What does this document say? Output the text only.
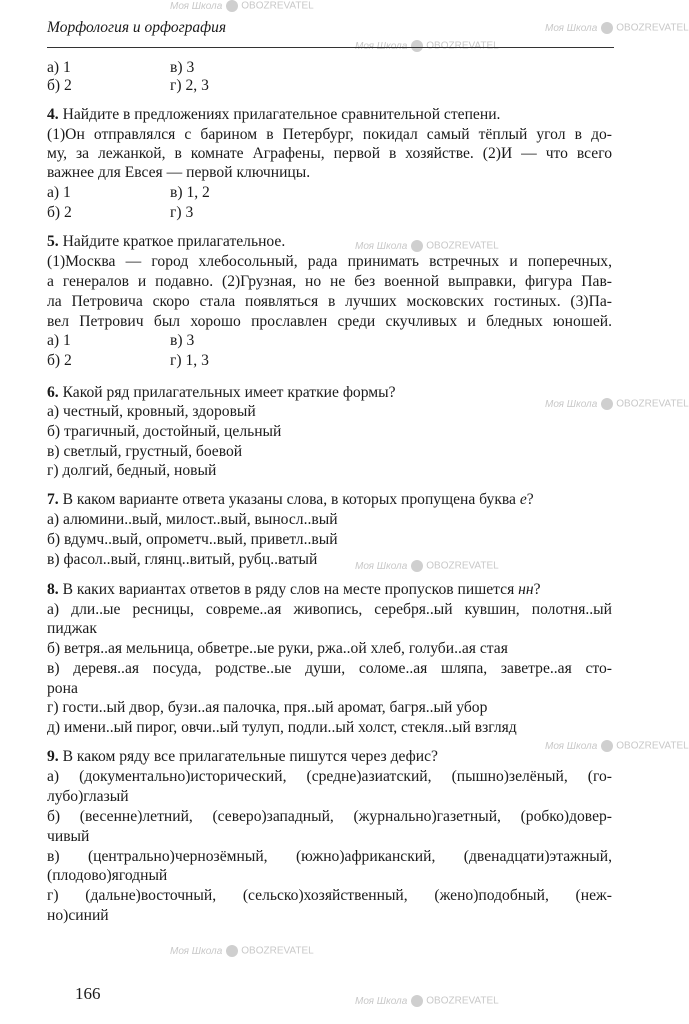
Моя Школа OBOZREVATEL
Моя Школа OBOZREVATEL
Моя Школа OBOZREVATEL
Моя Школа OBOZREVATEL
Моя Школа OBOZREVATEL
Моя Школа OBOZREVATEL
Моя Школа OBOZREVATEL
Моя Школа OBOZREVATEL
Морфология и орфография
а) 1	в) 3
б) 2	г) 2, 3
4. Найдите в предложениях прилагательное сравнительной степени.
(1)Он отправлялся с барином в Петербург, покидал самый тёплый угол в до-
му, за лежанкой, в комнате Аграфены, первой в хозяйстве. (2)И — что всего
важнее для Евсея — первой ключницы.
а) 1	в) 1, 2
б) 2	г) 3
5. Найдите краткое прилагательное.
(1)Москва — город хлебосольный, рада принимать встречных и поперечных,
а генералов и подавно. (2)Грузная, но не без военной выправки, фигура Пав-
ла Петровича скоро стала появляться в лучших московских гостиных. (3)Па-
вел Петрович был хорошо прославлен среди скучливых и бледных юношей.
а) 1	в) 3
б) 2	г) 1, 3
6. Какой ряд прилагательных имеет краткие формы?
а) честный, кровный, здоровый
б) трагичный, достойный, цельный
в) светлый, грустный, боевой
г) долгий, бедный, новый
7. В каком варианте ответа указаны слова, в которых пропущена буква е?
а) алюмини..вый, милост..вый, выносл..вый
б) вдумч..вый, опрометч..вый, приветл..вый
в) фасол..вый, глянц..витый, рубц..ватый
8. В каких вариантах ответов в ряду слов на месте пропусков пишется нн?
а) дли..ые ресницы, совреме..ая живопись, серебря..ый кувшин, полотня..ый
пиджак
б) ветря..ая мельница, обветре..ые руки, ржа..ой хлеб, голуби..ая стая
в) деревя..ая посуда, родстве..ые души, соломе..ая шляпа, заветре..ая сто-
рона
г) гости..ый двор, бузи..ая палочка, пря..ый аромат, багря..ый убор
д) имени..ый пирог, овчи..ый тулуп, подли..ый холст, стекля..ый взгляд
9. В каком ряду все прилагательные пишутся через дефис?
а) (документально)исторический, (средне)азиатский, (пышно)зелёный, (го-
лубо)глазый
б) (весенне)летний, (северо)западный, (журнально)газетный, (робко)довер-
чивый
в) (центрально)чернозёмный, (южно)африканский, (двенадцати)этажный,
(плодово)ягодный
г) (дальне)восточный, (сельско)хозяйственный, (жено)подобный, (неж-
но)синий
166
